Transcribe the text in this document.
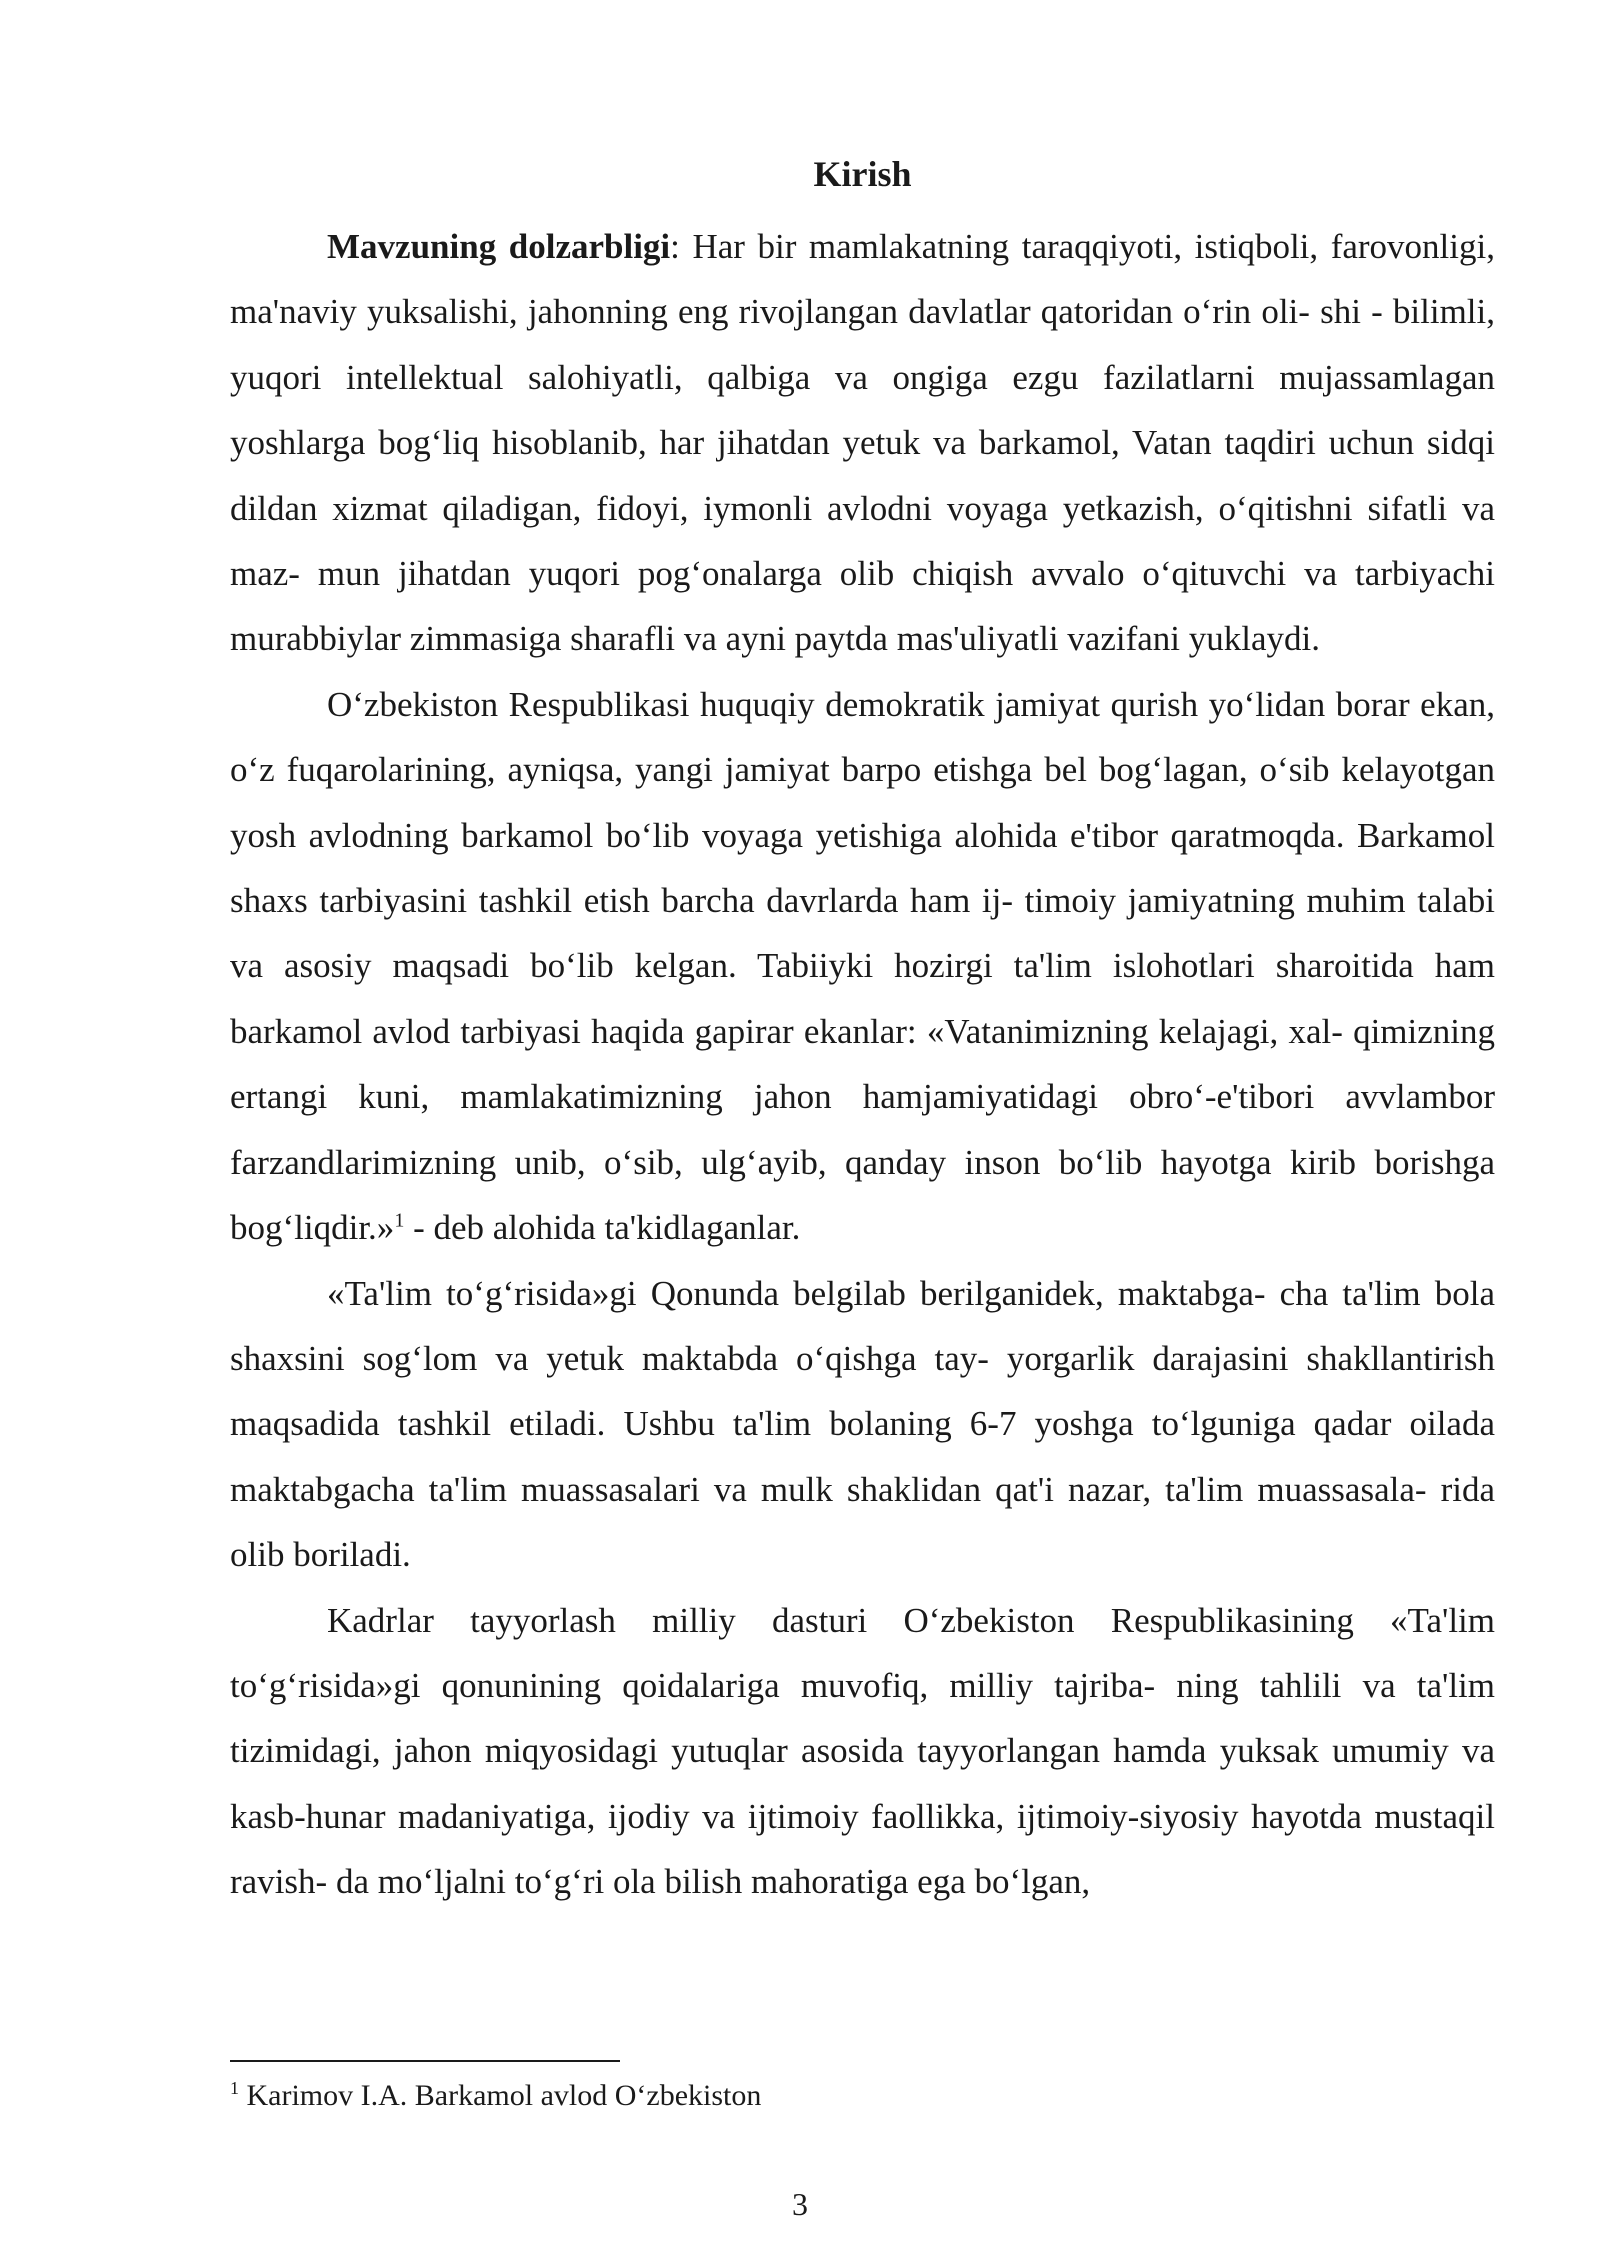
Kirish

Mavzuning dolzarbligi: Har bir mamlakatning taraqqiyoti, istiqboli, farovonligi, ma'naviy yuksalishi, jahonning eng rivojlangan davlatlar qatoridan o‘rin oli- shi - bilimli, yuqori intellektual salohiyatli, qalbiga va ongiga ezgu fazilatlarni mujassamlagan yoshlarga bog‘liq hisoblanib, har jihatdan yetuk va barkamol, Vatan taqdiri uchun sidqi dildan xizmat qiladigan, fidoyi, iymonli avlodni voyaga yetkazish, o‘qitishni sifatli va maz- mun jihatdan yuqori pog‘onalarga olib chiqish avvalo o‘qituvchi va tarbiyachi murabbiylar zimmasiga sharafli va ayni paytda mas'uliyatli vazifani yuklaydi.

O‘zbekiston Respublikasi huquqiy demokratik jamiyat qurish yo‘lidan borar ekan, o‘z fuqarolarining, ayniqsa, yangi jamiyat barpo etishga bel bog‘lagan, o‘sib kelayotgan yosh avlodning barkamol bo‘lib voyaga yetishiga alohida e'tibor qaratmoqda. Barkamol shaxs tarbiyasini tashkil etish barcha davrlarda ham ij- timoiy jamiyatning muhim talabi va asosiy maqsadi bo‘lib kelgan. Tabiiyki hozirgi ta'lim islohotlari sharoitida ham barkamol avlod tarbiyasi haqida gapirar ekanlar: «Vatanimizning kelajagi, xal- qimizning ertangi kuni, mamlakatimizning jahon hamjamiyatidagi obro‘-e'tibori avvlambor farzandlarimizning unib, o‘sib, ulg‘ayib, qanday inson bo‘lib hayotga kirib borishga bog‘liqdir.»$^1$ - deb alohida ta'kidlaganlar.

«Ta'lim to‘g‘risida»gi Qonunda belgilab berilganidek, maktabga- cha ta'lim bola shaxsini sog‘lom va yetuk maktabda o‘qishga tay- yorgarlik darajasini shakllantirish maqsadida tashkil etiladi. Ushbu ta'lim bolaning 6-7 yoshga to‘lguniga qadar oilada maktabgacha ta'lim muassasalari va mulk shaklidan qat'i nazar, ta'lim muassasala- rida olib boriladi.

Kadrlar tayyorlash milliy dasturi O‘zbekiston Respublikasining «Ta'lim to‘g‘risida»gi qonunining qoidalariga muvofiq, milliy tajriba- ning tahlili va ta'lim tizimidagi, jahon miqyosidagi yutuqlar asosida tayyorlangan hamda yuksak umumiy va kasb-hunar madaniyatiga, ijodiy va ijtimoiy faollikka, ijtimoiy-siyosiy hayotda mustaqil ravish- da mo‘ljalni to‘g‘ri ola bilish mahoratiga ega bo‘lgan,

$^1$ Karimov I.A. Barkamol avlod O‘zbekiston
3
